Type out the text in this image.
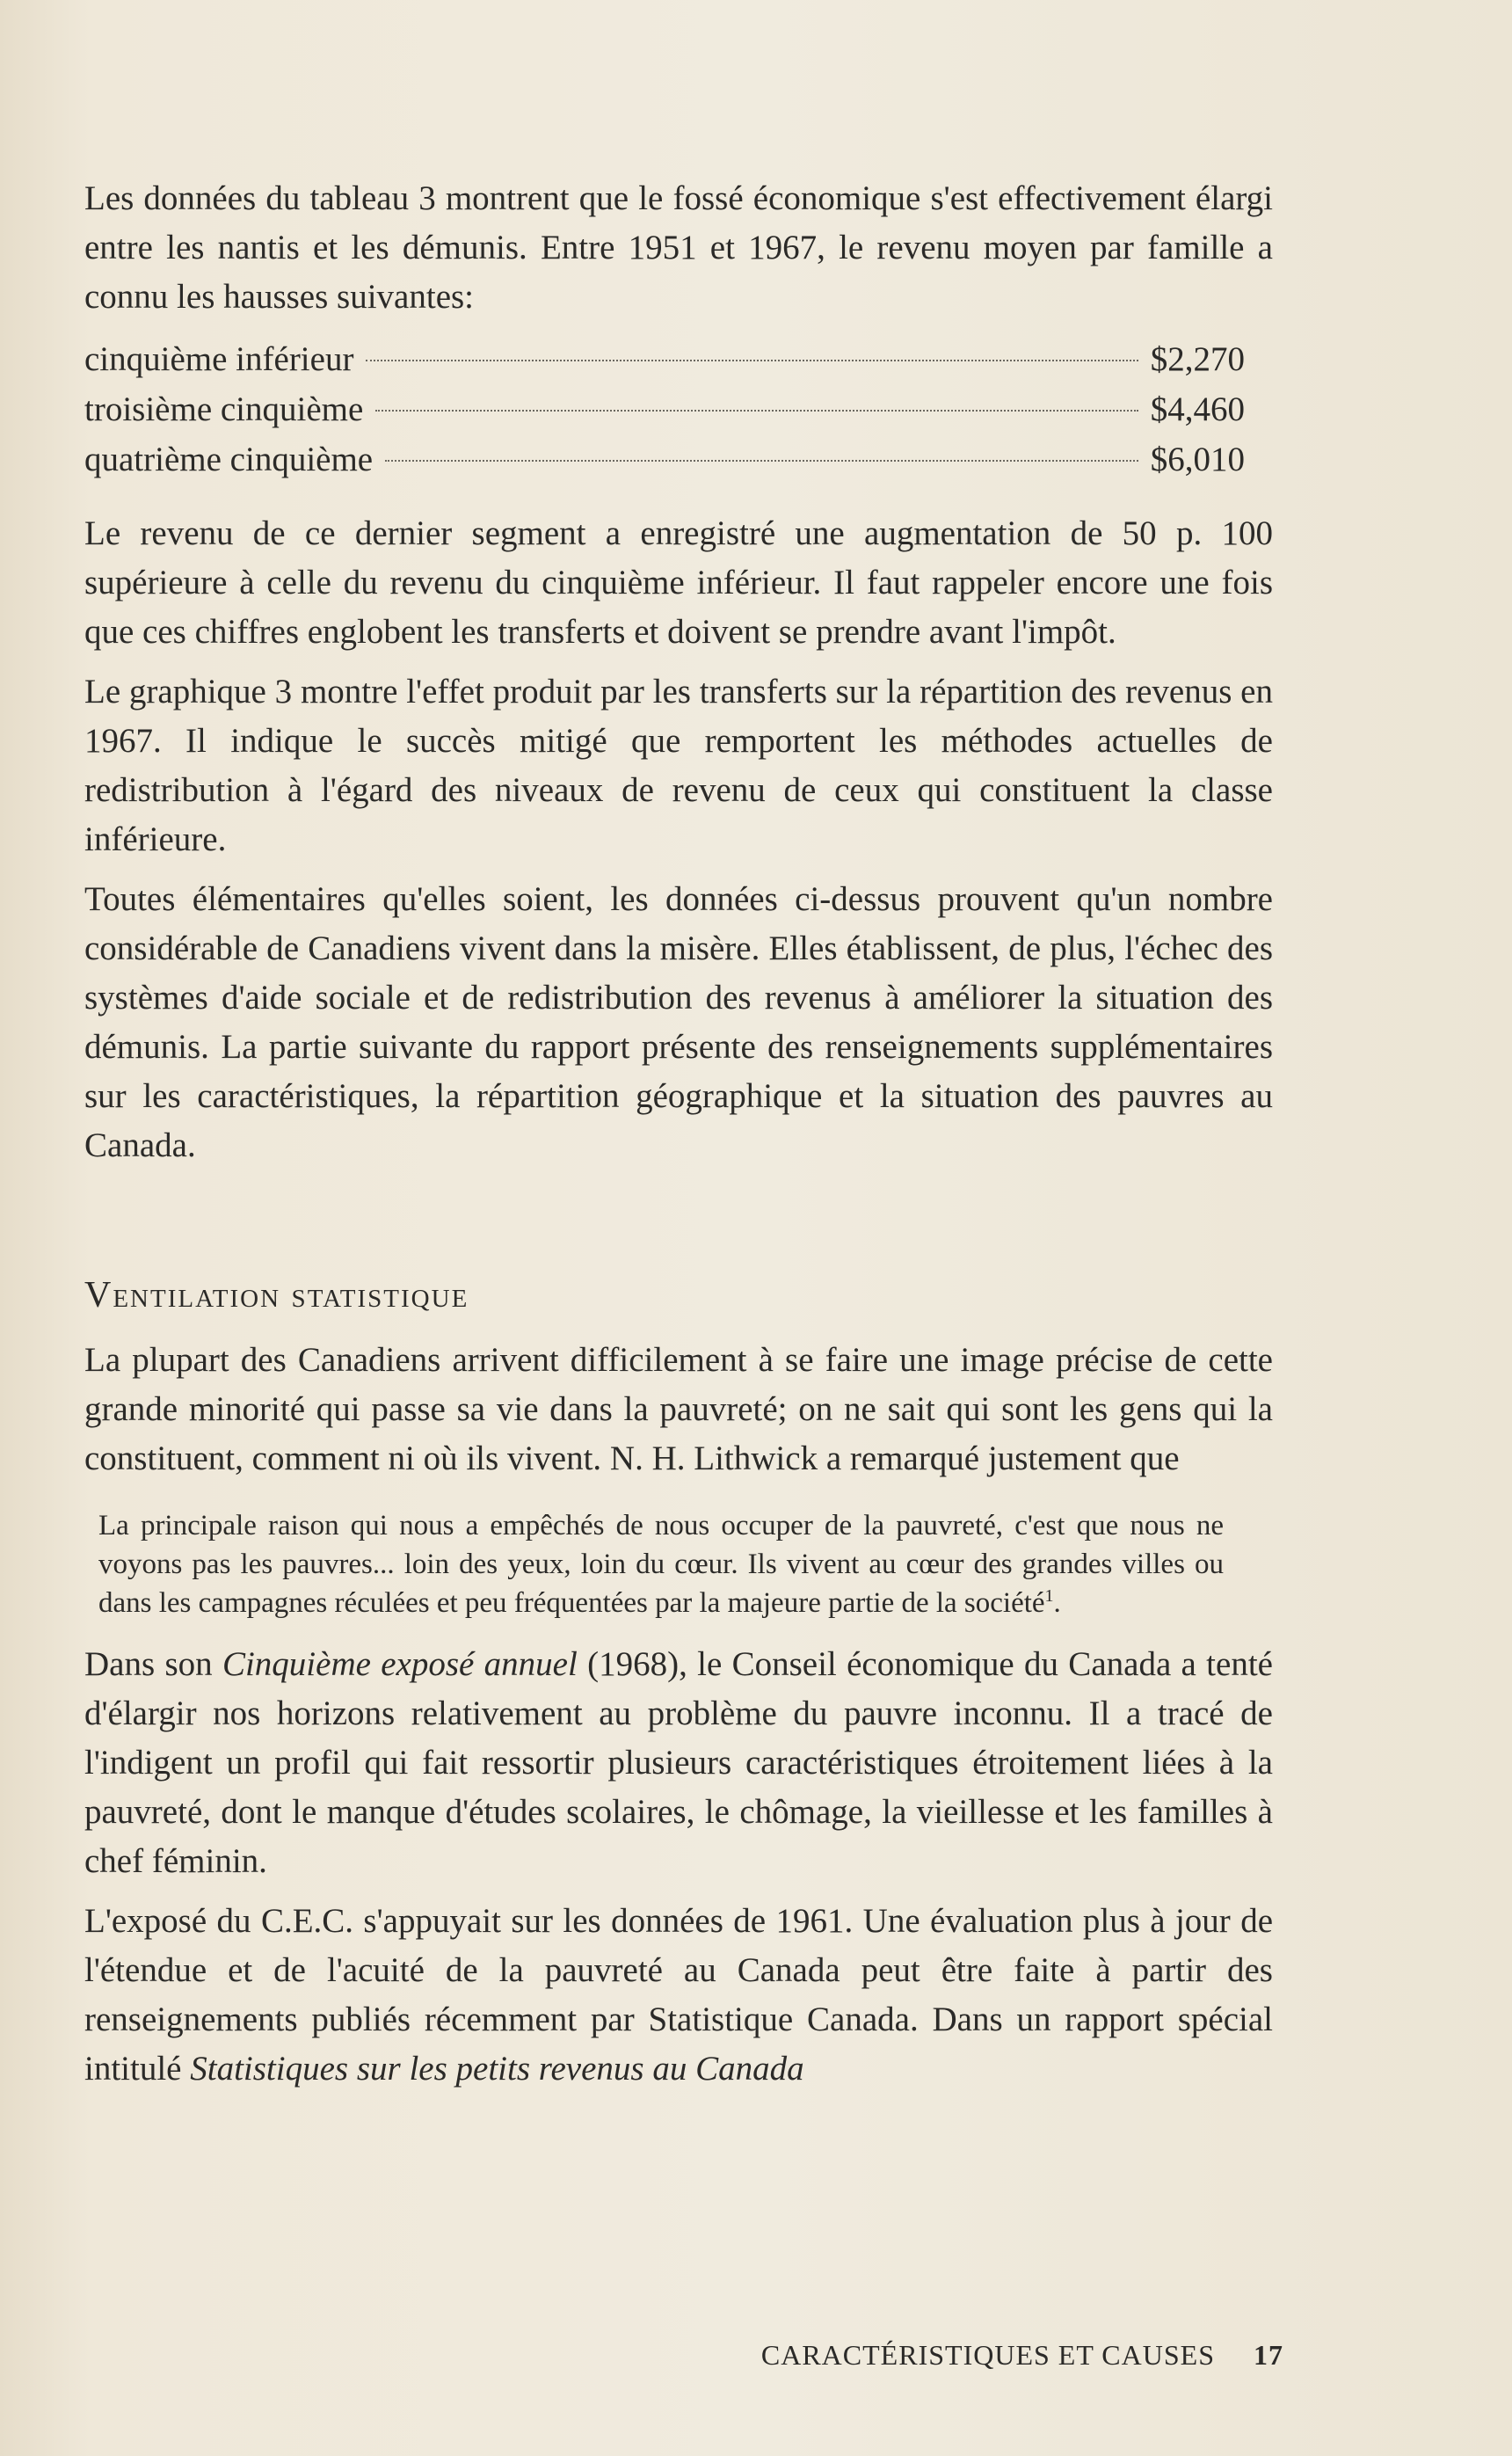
Les données du tableau 3 montrent que le fossé économique s'est effectivement élargi entre les nantis et les démunis. Entre 1951 et 1967, le revenu moyen par famille a connu les hausses suivantes:

cinquième inférieur	$2,270
troisième cinquième	$4,460
quatrième cinquième	$6,010

Le revenu de ce dernier segment a enregistré une augmentation de 50 p. 100 supérieure à celle du revenu du cinquième inférieur. Il faut rappeler encore une fois que ces chiffres englobent les transferts et doivent se prendre avant l'impôt.

Le graphique 3 montre l'effet produit par les transferts sur la répartition des revenus en 1967. Il indique le succès mitigé que remportent les méthodes actuelles de redistribution à l'égard des niveaux de revenu de ceux qui constituent la classe inférieure.

Toutes élémentaires qu'elles soient, les données ci-dessus prouvent qu'un nombre considérable de Canadiens vivent dans la misère. Elles établissent, de plus, l'échec des systèmes d'aide sociale et de redistribution des revenus à améliorer la situation des démunis. La partie suivante du rapport présente des renseignements supplémentaires sur les caractéristiques, la répartition géographique et la situation des pauvres au Canada.

Ventilation statistique

La plupart des Canadiens arrivent difficilement à se faire une image précise de cette grande minorité qui passe sa vie dans la pauvreté; on ne sait qui sont les gens qui la constituent, comment ni où ils vivent. N. H. Lithwick a remarqué justement que

La principale raison qui nous a empêchés de nous occuper de la pauvreté, c'est que nous ne voyons pas les pauvres... loin des yeux, loin du cœur. Ils vivent au cœur des grandes villes ou dans les campagnes réculées et peu fréquentées par la majeure partie de la société$^1$.

Dans son Cinquième exposé annuel (1968), le Conseil économique du Canada a tenté d'élargir nos horizons relativement au problème du pauvre inconnu. Il a tracé de l'indigent un profil qui fait ressortir plusieurs caractéristiques étroitement liées à la pauvreté, dont le manque d'études scolaires, le chômage, la vieillesse et les familles à chef féminin.

L'exposé du C.E.C. s'appuyait sur les données de 1961. Une évaluation plus à jour de l'étendue et de l'acuité de la pauvreté au Canada peut être faite à partir des renseignements publiés récemment par Statistique Canada. Dans un rapport spécial intitulé Statistiques sur les petits revenus au Canada

CARACTÉRISTIQUES ET CAUSES 17
